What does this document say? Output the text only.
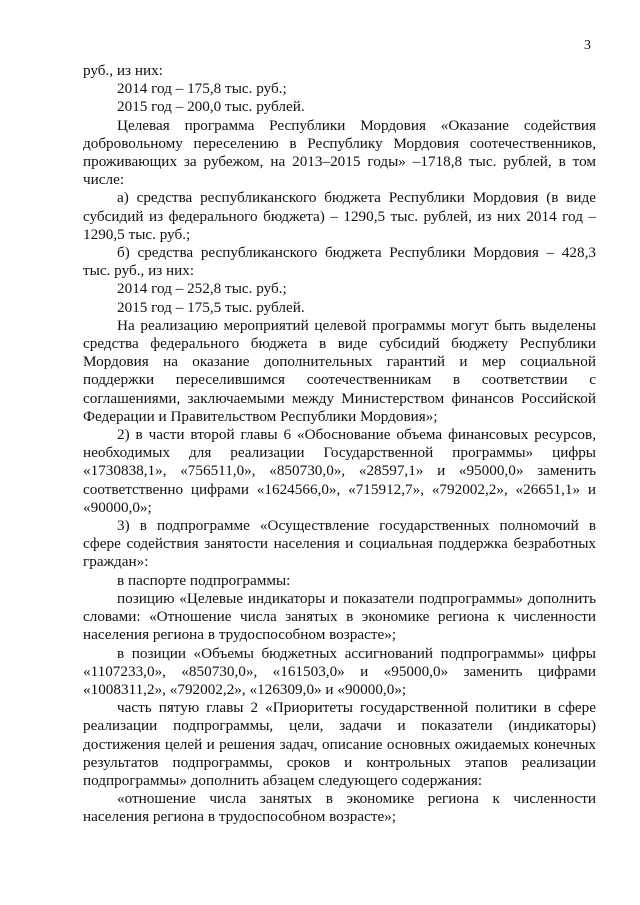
3

руб., из них:

2014 год – 175,8 тыс. руб.;

2015 год – 200,0 тыс. рублей.

Целевая программа Республики Мордовия «Оказание содействия добровольному переселению в Республику Мордовия соотечественников, проживающих за рубежом, на 2013–2015 годы» –1718,8 тыс. рублей, в том числе:

а) средства республиканского бюджета Республики Мордовия (в виде субсидий из федерального бюджета) – 1290,5 тыс. рублей, из них 2014 год – 1290,5 тыс. руб.;

б) средства республиканского бюджета Республики Мордовия – 428,3 тыс. руб., из них:

2014 год – 252,8 тыс. руб.;

2015 год – 175,5 тыс. рублей.

На реализацию мероприятий целевой программы могут быть выделены средства федерального бюджета в виде субсидий бюджету Республики Мордовия на оказание дополнительных гарантий и мер социальной поддержки переселившимся соотечественникам в соответствии с соглашениями, заключаемыми между Министерством финансов Российской Федерации и Правительством Республики Мордовия»;

2) в части второй главы 6 «Обоснование объема финансовых ресурсов, необходимых для реализации Государственной программы» цифры «1730838,1», «756511,0», «850730,0», «28597,1» и «95000,0» заменить соответственно цифрами «1624566,0», «715912,7», «792002,2», «26651,1» и «90000,0»;

3) в подпрограмме «Осуществление государственных полномочий в сфере содействия занятости населения и социальная поддержка безработных граждан»:

в паспорте подпрограммы:

позицию «Целевые индикаторы и показатели подпрограммы» дополнить словами: «Отношение числа занятых в экономике региона к численности населения региона в трудоспособном возрасте»;

в позиции «Объемы бюджетных ассигнований подпрограммы» цифры «1107233,0», «850730,0», «161503,0» и «95000,0» заменить цифрами «1008311,2», «792002,2», «126309,0» и «90000,0»;

часть пятую главы 2 «Приоритеты государственной политики в сфере реализации подпрограммы, цели, задачи и показатели (индикаторы) достижения целей и решения задач, описание основных ожидаемых конечных результатов подпрограммы, сроков и контрольных этапов реализации подпрограммы» дополнить абзацем следующего содержания:

«отношение числа занятых в экономике региона к численности населения региона в трудоспособном возрасте»;
